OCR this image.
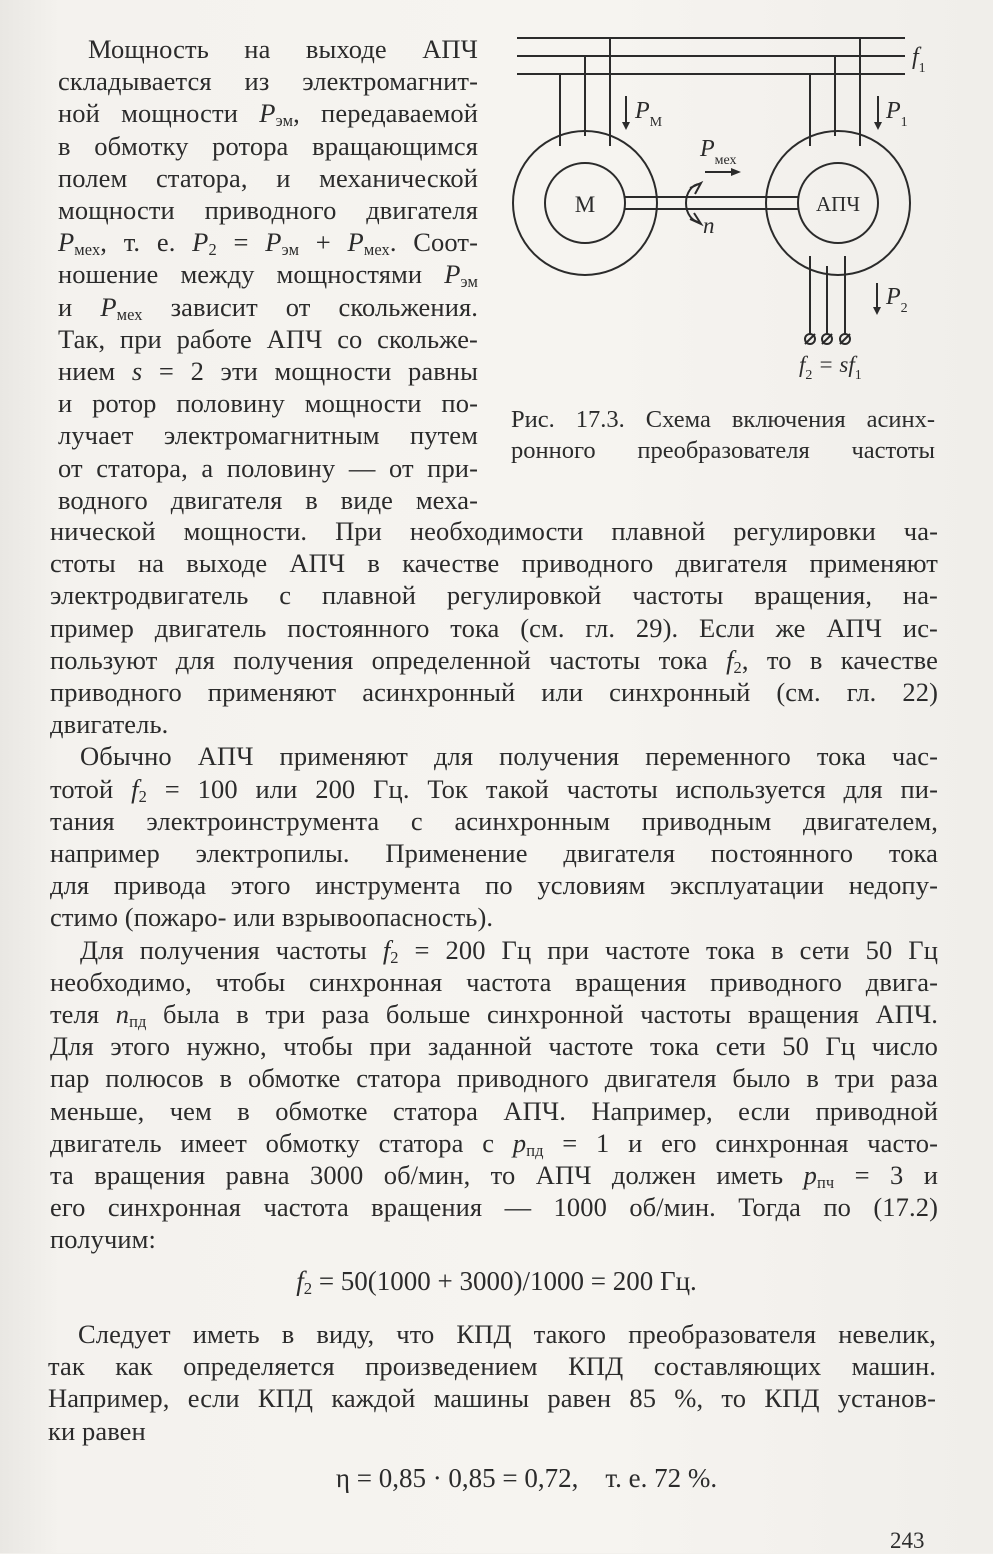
Мощность на выходе АПЧ
складывается из электромагнит-
ной мощности $P_{эм}$, передаваемой
в обмотку ротора вращающимся
полем статора, и механической
мощности приводного двигателя
$P_{мех}$, т. е. $P_2 = P_{эм} + P_{мех}$. Соот-
ношение между мощностями $P_{эм}$
и $P_{мех}$ зависит от скольжения.
Так, при работе АПЧ со скольже-
нием s = 2 эти мощности равны
и ротор половину мощности по-
лучает электромагнитным путем
от статора, а половину — от при-
водного двигателя в виде меха-
М	АПЧ
$f_1$
$P_М$	$P_1$
$P_{мех}$
n
$P_2$
$f_2 = sf_1$
Рис. 17.3. Схема включения асинх-
ронного преобразователя частоты
нической мощности. При необходимости плавной регулировки ча-
стоты на выходе АПЧ в качестве приводного двигателя применяют
электродвигатель с плавной регулировкой частоты вращения, на-
пример двигатель постоянного тока (см. гл. 29). Если же АПЧ ис-
пользуют для получения определенной частоты тока $f_2$, то в качестве
приводного применяют асинхронный или синхронный (см. гл. 22)
двигатель.
Обычно АПЧ применяют для получения переменного тока час-
тотой $f_2 = 100$ или 200 Гц. Ток такой частоты используется для пи-
тания электроинструмента с асинхронным приводным двигателем,
например электропилы. Применение двигателя постоянного тока
для привода этого инструмента по условиям эксплуатации недопу-
стимо (пожаро- или взрывоопасность).
Для получения частоты $f_2 = 200$ Гц при частоте тока в сети 50 Гц
необходимо, чтобы синхронная частота вращения приводного двига-
теля $n_{пд}$ была в три раза больше синхронной частоты вращения АПЧ.
Для этого нужно, чтобы при заданной частоте тока сети 50 Гц число
пар полюсов в обмотке статора приводного двигателя было в три раза
меньше, чем в обмотке статора АПЧ. Например, если приводной
двигатель имеет обмотку статора с $p_{пд} = 1$ и его синхронная часто-
та вращения равна 3000 об/мин, то АПЧ должен иметь $p_{пч} = 3$ и
его синхронная частота вращения — 1000 об/мин. Тогда по (17.2)
получим:
$f_2 = 50(1000 + 3000)/1000 = 200$ Гц.
Следует иметь в виду, что КПД такого преобразователя невелик,
так как определяется произведением КПД составляющих машин.
Например, если КПД каждой машины равен 85 %, то КПД установ-
ки равен
η = 0,85 · 0,85 = 0,72,    т. е. 72 %.
243
